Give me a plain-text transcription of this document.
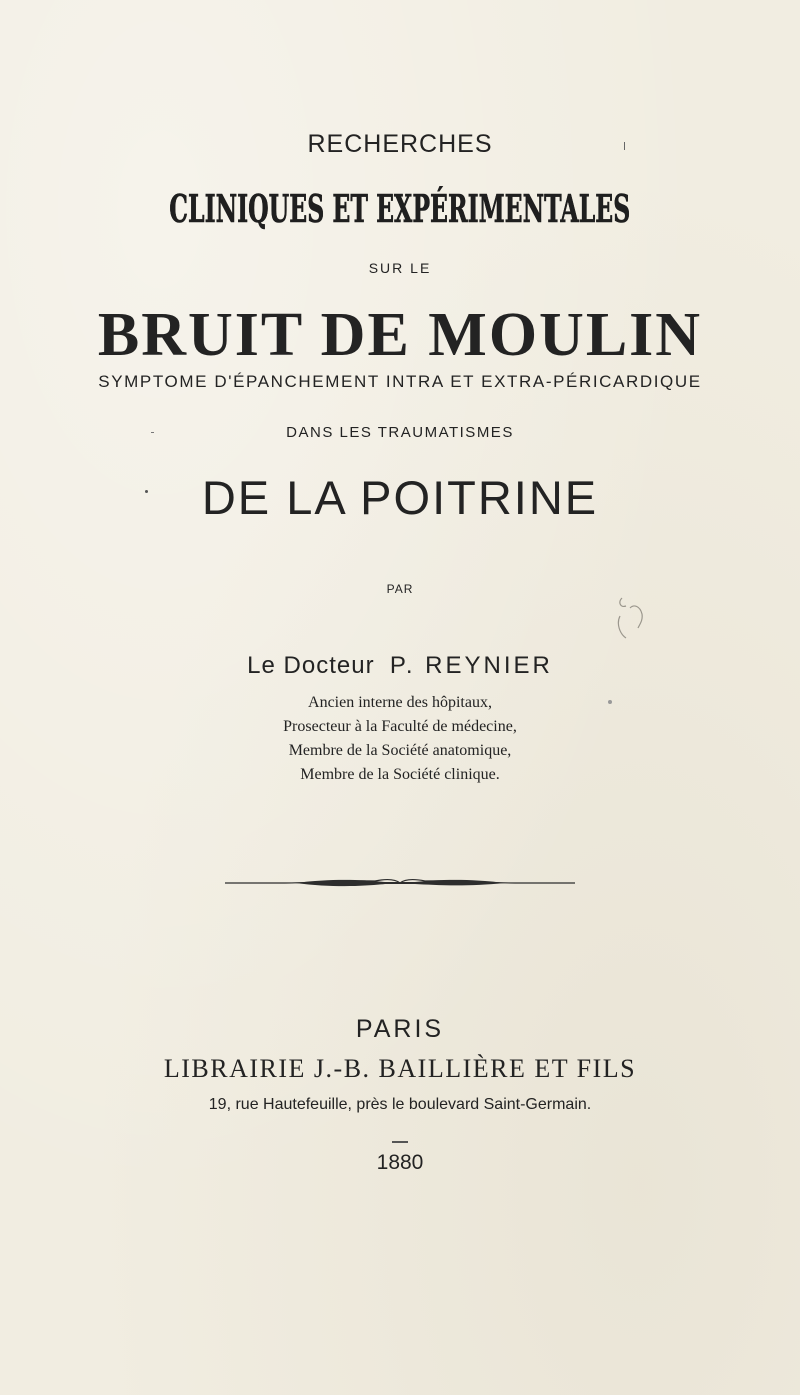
RECHERCHES
CLINIQUES ET EXPÉRIMENTALES
SUR LE
BRUIT DE MOULIN
SYMPTOME D'ÉPANCHEMENT INTRA ET EXTRA-PÉRICARDIQUE
DANS LES TRAUMATISMES
DE LA POITRINE
PAR
Le Docteur P. REYNIER
Ancien interne des hôpitaux,
Prosecteur à la Faculté de médecine,
Membre de la Société anatomique,
Membre de la Société clinique.
PARIS
LIBRAIRIE J.-B. BAILLIÈRE ET FILS
19, rue Hautefeuille, près le boulevard Saint-Germain.
1880
